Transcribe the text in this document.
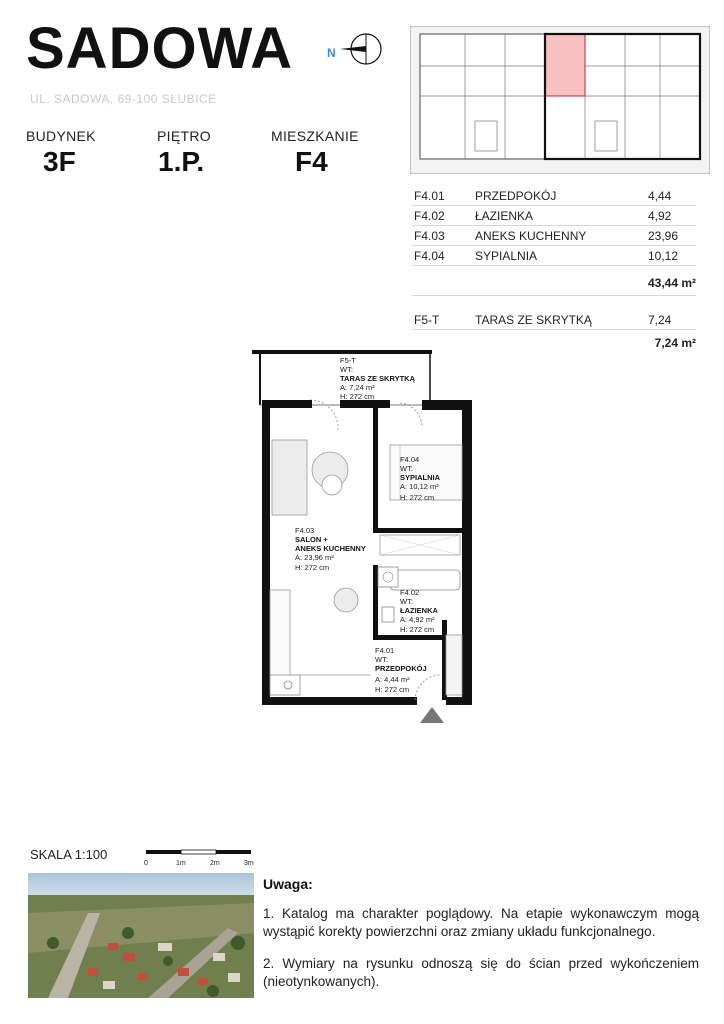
SADOWA
UL. SADOWA, 69-100 SŁUBICE
N
BUDYNEK
3F
PIĘTRO
1.P.
MIESZKANIE
F4
F4.01	PRZEDPOKÓJ	4,44
F4.02	ŁAZIENKA	4,92
F4.03	ANEKS KUCHENNY	23,96
F4.04	SYPIALNIA	10,12
43,44 m²
F5-T	TARAS ZE SKRYTKĄ	7,24
7,24 m²
F5-T
WT:
TARAS ZE SKRYTKĄ
A: 7,24 m²
H: 272 cm
F4.04
WT:
SYPIALNIA
A: 10,12 m²
H: 272 cm
F4.03
SALON +
ANEKS KUCHENNY
A: 23,96 m²
H: 272 cm
F4.02
WT:
ŁAZIENKA
A: 4,92 m²
H: 272 cm
F4.01
WT:
PRZEDPOKÓJ
A: 4,44 m²
H: 272 cm
SKALA 1:100
0	1m	2m	3m
Uwaga:
1. Katalog ma charakter poglądowy. Na etapie wykonawczym mogą wystąpić korekty powierzchni oraz zmiany układu funkcjonalnego.
2. Wymiary na rysunku odnoszą się do ścian przed wykończeniem (nieotynkowanych).
